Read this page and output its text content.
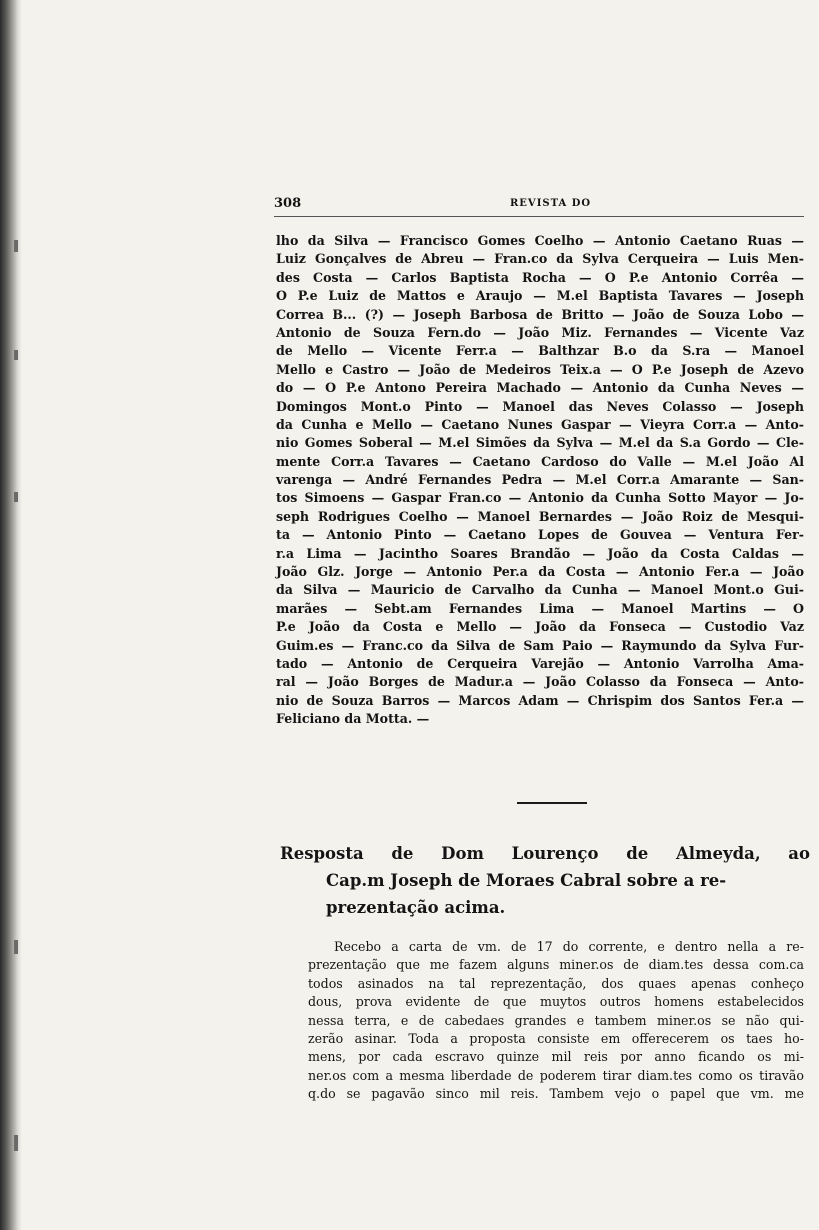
308	REVISTA DO
lho da Silva — Francisco Gomes Coelho — Antonio Caetano Ruas —
Luiz Gonçalves de Abreu — Fran.co da Sylva Cerqueira — Luis Men-
des Costa — Carlos Baptista Rocha — O P.e Antonio Corrêa —
O P.e Luiz de Mattos e Araujo — M.el Baptista Tavares — Joseph
Correa B... (?) — Joseph Barbosa de Britto — João de Souza Lobo —
Antonio de Souza Fern.do — João Miz. Fernandes — Vicente Vaz
de Mello — Vicente Ferr.a — Balthzar B.o da S.ra — Manoel
Mello e Castro — João de Medeiros Teix.a — O P.e Joseph de Azevo
do — O P.e Antono Pereira Machado — Antonio da Cunha Neves —
Domingos Mont.o Pinto — Manoel das Neves Colasso — Joseph
da Cunha e Mello — Caetano Nunes Gaspar — Vieyra Corr.a — Anto-
nio Gomes Soberal — M.el Simões da Sylva — M.el da S.a Gordo — Cle-
mente Corr.a Tavares — Caetano Cardoso do Valle — M.el João Al
varenga — André Fernandes Pedra — M.el Corr.a Amarante — San-
tos Simoens — Gaspar Fran.co — Antonio da Cunha Sotto Mayor — Jo-
seph Rodrigues Coelho — Manoel Bernardes — João Roiz de Mesqui-
ta — Antonio Pinto — Caetano Lopes de Gouvea — Ventura Fer-
r.a Lima — Jacintho Soares Brandão — João da Costa Caldas —
João Glz. Jorge — Antonio Per.a da Costa — Antonio Fer.a — João
da Silva — Mauricio de Carvalho da Cunha — Manoel Mont.o Gui-
marães — Sebt.am Fernandes Lima — Manoel Martins — O
P.e João da Costa e Mello — João da Fonseca — Custodio Vaz
Guim.es — Franc.co da Silva de Sam Paio — Raymundo da Sylva Fur-
tado — Antonio de Cerqueira Varejão — Antonio Varrolha Ama-
ral — João Borges de Madur.a — João Colasso da Fonseca — Anto-
nio de Souza Barros — Marcos Adam — Chrispim dos Santos Fer.a —
Feliciano da Motta. —
Resposta de Dom Lourenço de Almeyda, ao
Cap.m Joseph de Moraes Cabral sobre a re-
prezentação acima.
Recebo a carta de vm. de 17 do corrente, e dentro nella a re-
prezentação que me fazem alguns miner.os de diam.tes dessa com.ca
todos asinados na tal reprezentação, dos quaes apenas conheço
dous, prova evidente de que muytos outros homens estabelecidos
nessa terra, e de cabedaes grandes e tambem miner.os se não qui-
zerão asinar. Toda a proposta consiste em offerecerem os taes ho-
mens, por cada escravo quinze mil reis por anno ficando os mi-
ner.os com a mesma liberdade de poderem tirar diam.tes como os tiravão
q.do se pagavão sinco mil reis. Tambem vejo o papel que vm. me
